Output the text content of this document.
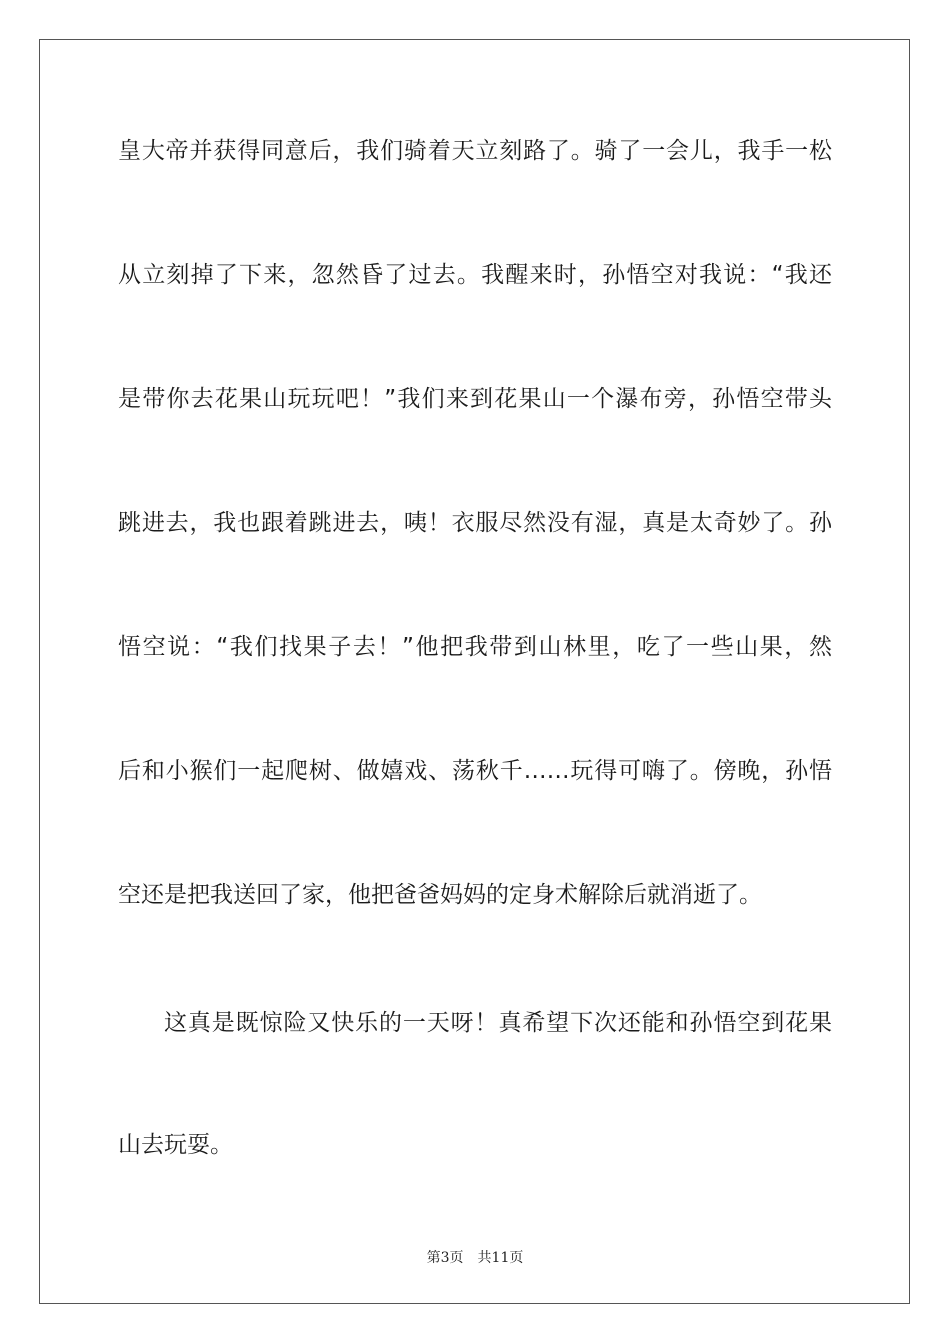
皇大帝并获得同意后，我们骑着天立刻路了。骑了一会儿，我手一松
从立刻掉了下来，忽然昏了过去。我醒来时，孙悟空对我说：“我还
是带你去花果山玩玩吧！”我们来到花果山一个瀑布旁，孙悟空带头
跳进去，我也跟着跳进去，咦！衣服尽然没有湿，真是太奇妙了。孙
悟空说：“我们找果子去！”他把我带到山林里，吃了一些山果，然
后和小猴们一起爬树、做嬉戏、荡秋千……玩得可嗨了。傍晚，孙悟
空还是把我送回了家，他把爸爸妈妈的定身术解除后就消逝了。
这真是既惊险又快乐的一天呀！真希望下次还能和孙悟空到花果
山去玩耍。
第3页 共11页
